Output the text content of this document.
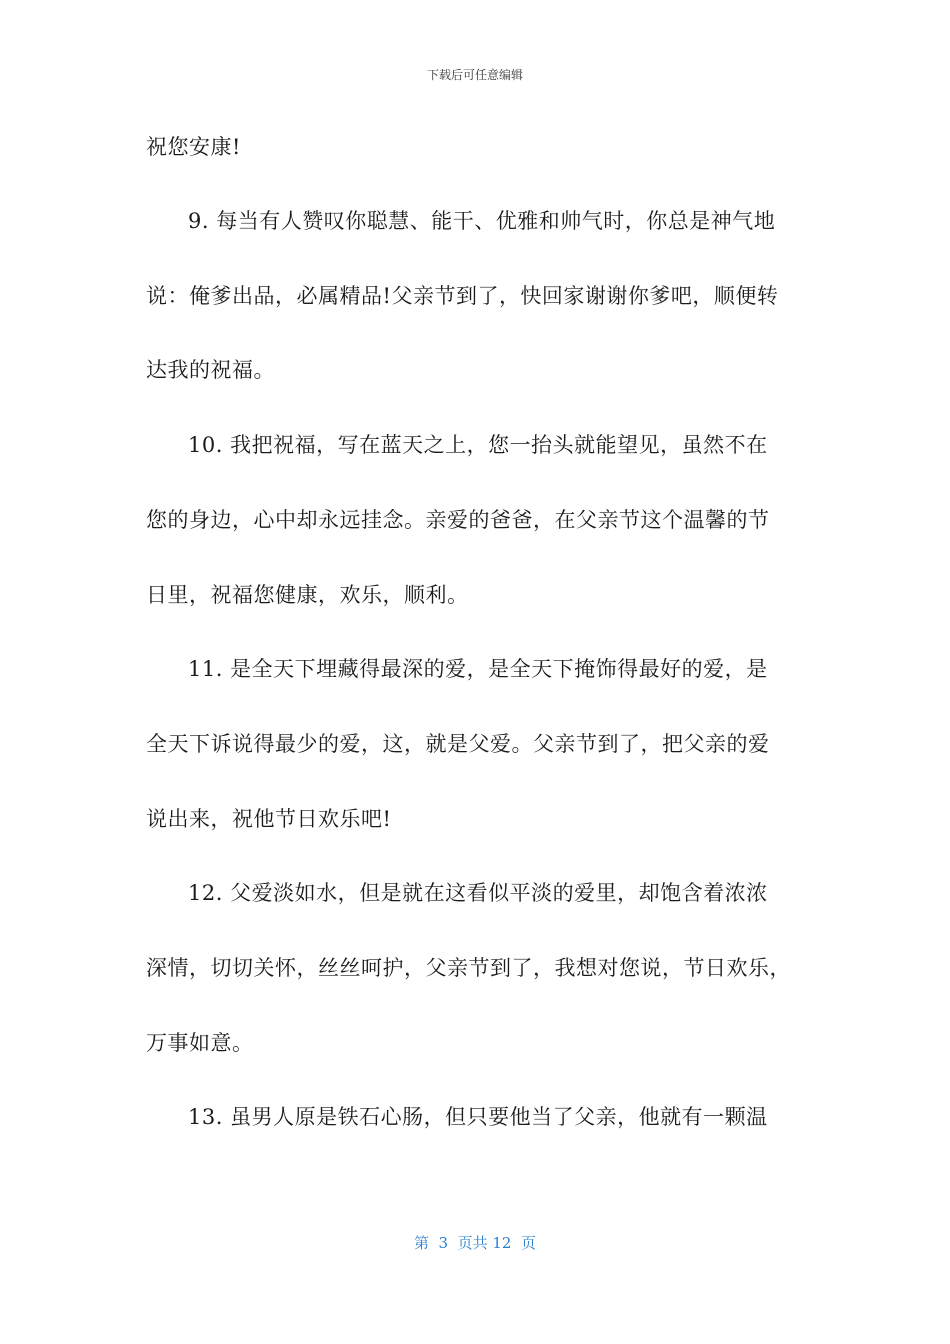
下载后可任意编辑
祝您安康!
9. 每当有人赞叹你聪慧、能干、优雅和帅气时，你总是神气地
说：俺爹出品，必属精品!父亲节到了，快回家谢谢你爹吧，顺便转
达我的祝福。
10. 我把祝福，写在蓝天之上，您一抬头就能望见，虽然不在
您的身边，心中却永远挂念。亲爱的爸爸，在父亲节这个温馨的节
日里，祝福您健康，欢乐，顺利。
11. 是全天下埋藏得最深的爱，是全天下掩饰得最好的爱，是
全天下诉说得最少的爱，这，就是父爱。父亲节到了，把父亲的爱
说出来，祝他节日欢乐吧!
12. 父爱淡如水，但是就在这看似平淡的爱里，却饱含着浓浓
深情，切切关怀，丝丝呵护，父亲节到了，我想对您说，节日欢乐，
万事如意。
13. 虽男人原是铁石心肠，但只要他当了父亲，他就有一颗温
第  3  页共 12  页
